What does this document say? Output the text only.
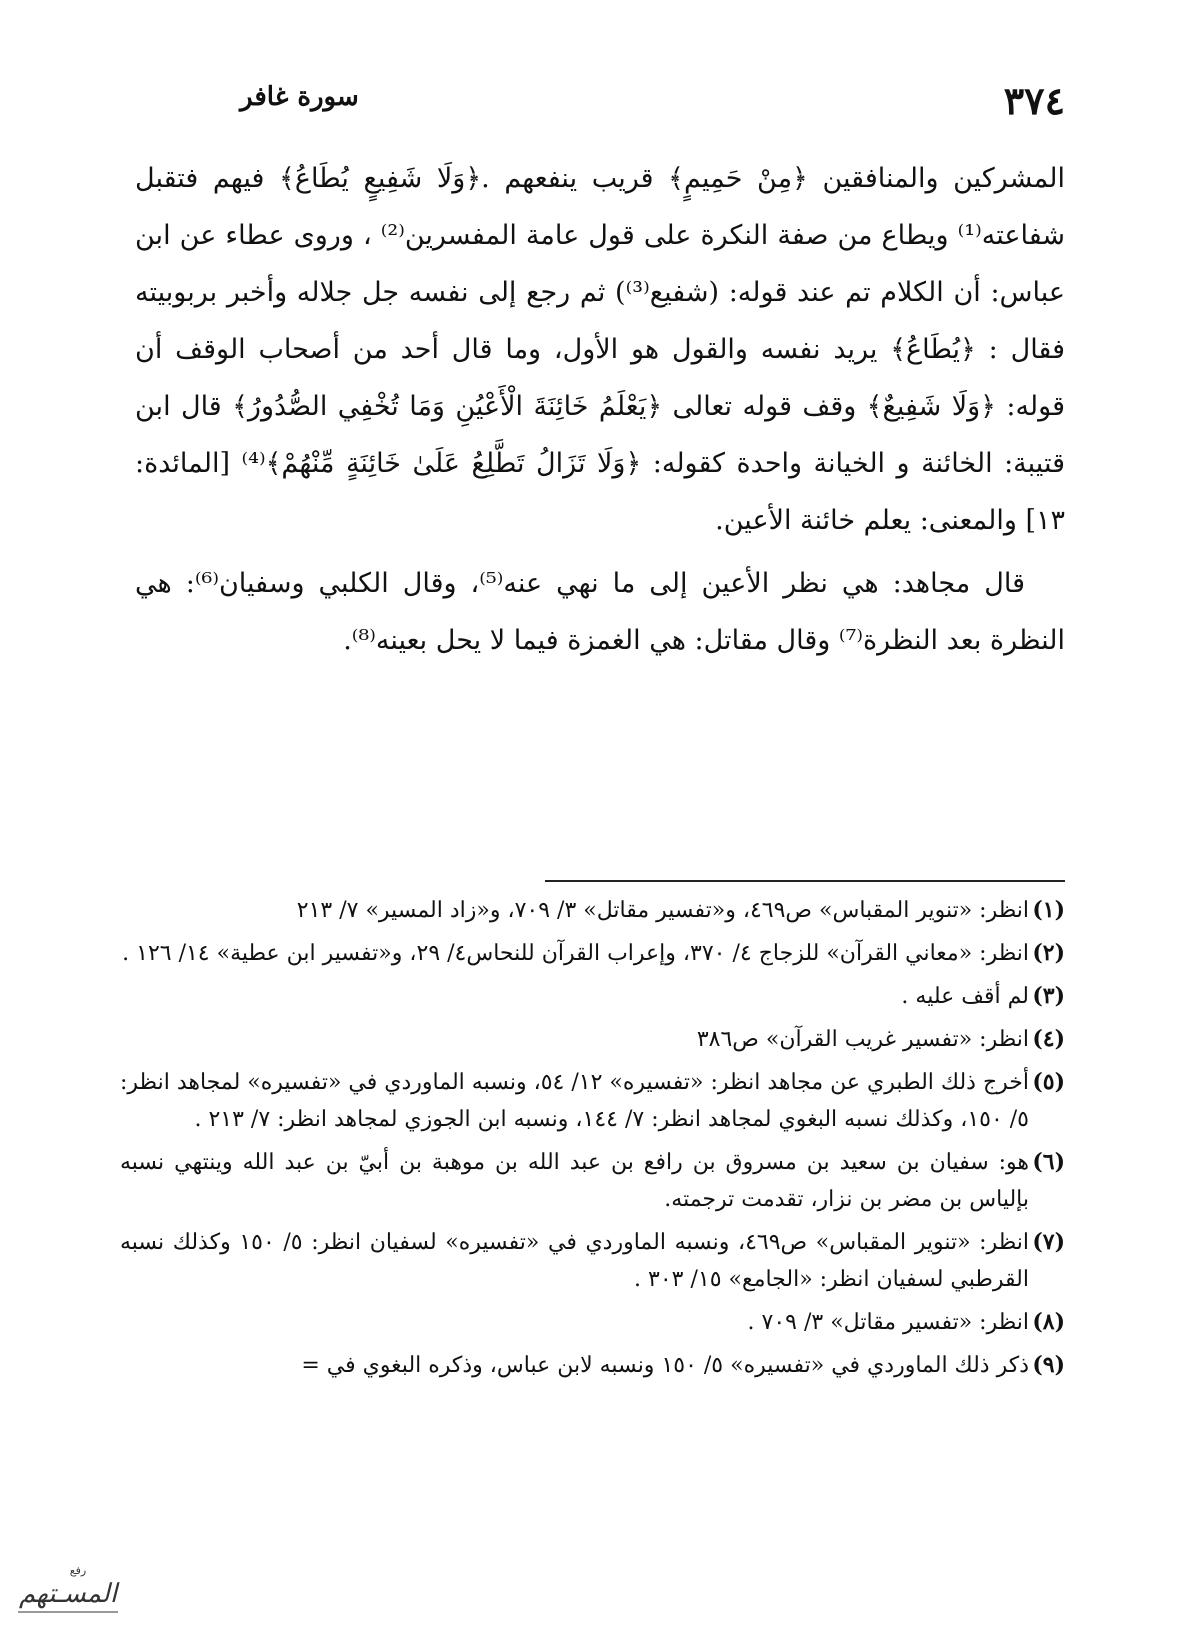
٣٧٤
سورة غافر

المشركين والمنافقين ﴿مِنْ حَمِيمٍ﴾ قريب ينفعهم .﴿وَلَا شَفِيعٍ يُطَاعُ﴾ فيهم فتقبل شفاعته⁽¹⁾ ويطاع من صفة النكرة على قول عامة المفسرين⁽²⁾ ، وروى عطاء عن ابن عباس: أن الكلام تم عند قوله: (شفيع⁽³⁾) ثم رجع إلى نفسه جل جلاله وأخبر بربوبيته فقال : ﴿يُطَاعُ﴾ يريد نفسه والقول هو الأول، وما قال أحد من أصحاب الوقف أن قوله: ﴿وَلَا شَفِيعٌ﴾ وقف قوله تعالى ﴿يَعْلَمُ خَائِنَةَ الْأَعْيُنِ وَمَا تُخْفِي الصُّدُورُ﴾ قال ابن قتيبة: الخائنة و الخيانة واحدة كقوله: ﴿وَلَا تَزَالُ تَطَّلِعُ عَلَىٰ خَائِنَةٍ مِّنْهُمْ﴾⁽⁴⁾ [المائدة: ١٣] والمعنى: يعلم خائنة الأعين.

قال مجاهد: هي نظر الأعين إلى ما نهي عنه⁽⁵⁾، وقال الكلبي وسفيان⁽⁶⁾: هي النظرة بعد النظرة⁽⁷⁾ وقال مقاتل: هي الغمزة فيما لا يحل بعينه⁽⁸⁾.

(١)
انظر: «تنوير المقباس» ص٤٦٩، و«تفسير مقاتل» ٣/ ٧٠٩، و«زاد المسير» ٧/ ٢١٣

(٢)
انظر: «معاني القرآن» للزجاج ٤/ ٣٧٠، وإعراب القرآن للنحاس٤/ ٢٩، و«تفسير ابن عطية» ١٤/ ١٢٦ .

(٣)
لم أقف عليه .

(٤)
انظر: «تفسير غريب القرآن» ص٣٨٦

(٥)
أخرج ذلك الطبري عن مجاهد انظر: «تفسيره» ١٢/ ٥٤، ونسبه الماوردي في «تفسيره» لمجاهد انظر: ٥/ ١٥٠، وكذلك نسبه البغوي لمجاهد انظر: ٧/ ١٤٤، ونسبه ابن الجوزي لمجاهد انظر: ٧/ ٢١٣ .

(٦)
هو: سفيان بن سعيد بن مسروق بن رافع بن عبد الله بن موهبة بن أبيّ بن عبد الله وينتهي نسبه بإلياس بن مضر بن نزار، تقدمت ترجمته.

(٧)
انظر: «تنوير المقباس» ص٤٦٩، ونسبه الماوردي في «تفسيره» لسفيان انظر: ٥/ ١٥٠ وكذلك نسبه القرطبي لسفيان انظر: «الجامع» ١٥/ ٣٠٣ .

(٨)
انظر: «تفسير مقاتل» ٣/ ٧٠٩ .

(٩)
ذكر ذلك الماوردي في «تفسيره» ٥/ ١٥٠ ونسبه لابن عباس، وذكره البغوي في =

رفع
المسـتهم
